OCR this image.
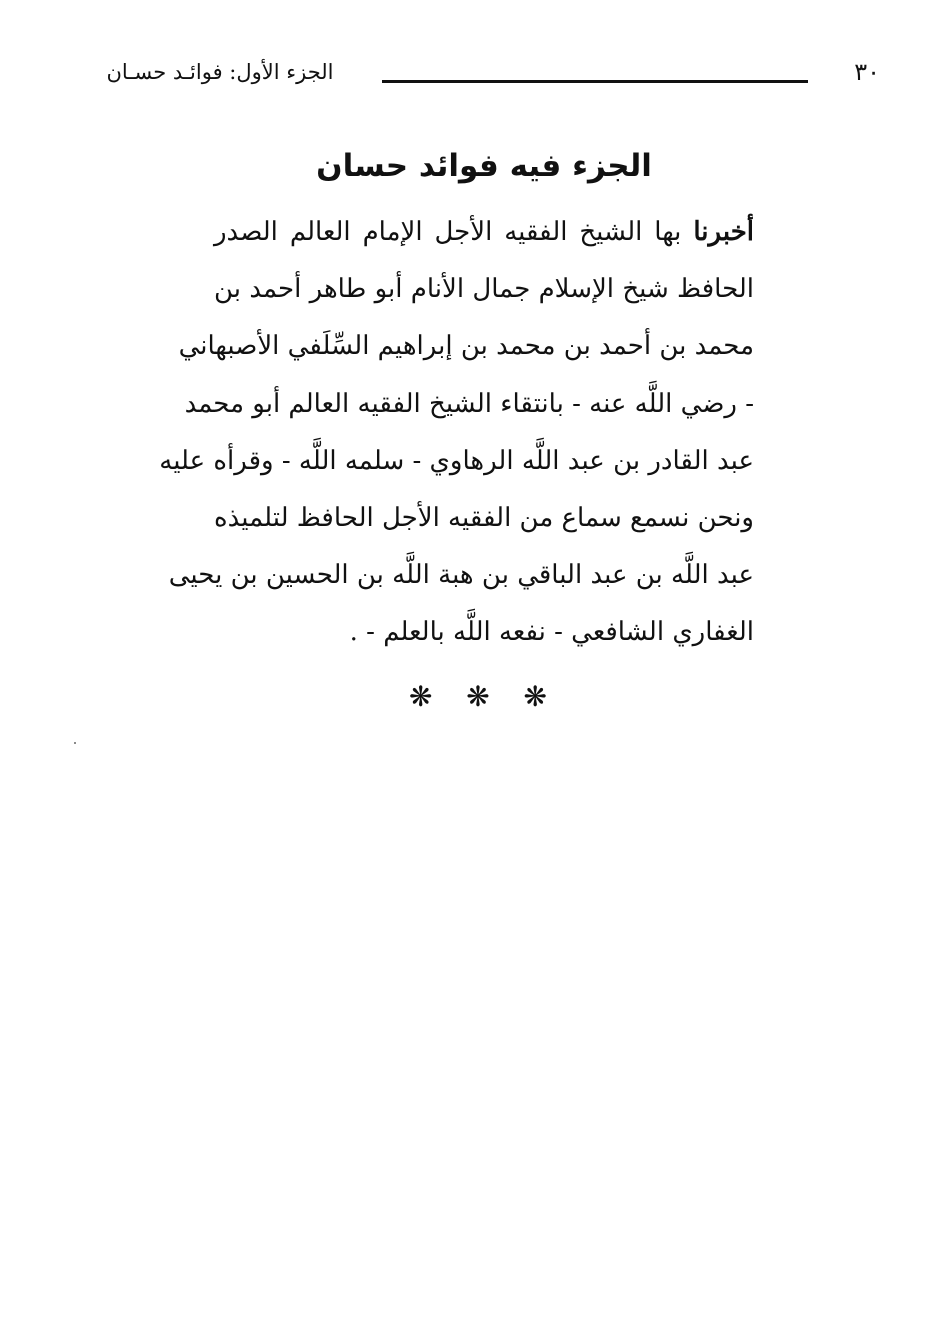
الجزء الأول: فوائـد حسـان	٣٠
الجزء فيه فوائد حسان
أخبرنا بها الشيخ الفقيه الأجل الإمام العالم الصدر
الحافظ شيخ الإسلام جمال الأنام أبو طاهر أحمد بن
محمد بن أحمد بن محمد بن إبراهيم السِّلَفي الأصبهاني
- رضي اللَّه عنه - بانتقاء الشيخ الفقيه العالم أبو محمد
عبد القادر بن عبد اللَّه الرهاوي - سلمه اللَّه - وقرأه عليه
ونحن نسمع سماع من الفقيه الأجل الحافظ لتلميذه
عبد اللَّه بن عبد الباقي بن هبة اللَّه بن الحسين بن يحيى
الغفاري الشافعي - نفعه اللَّه بالعلم - .
❋ ❋ ❋
